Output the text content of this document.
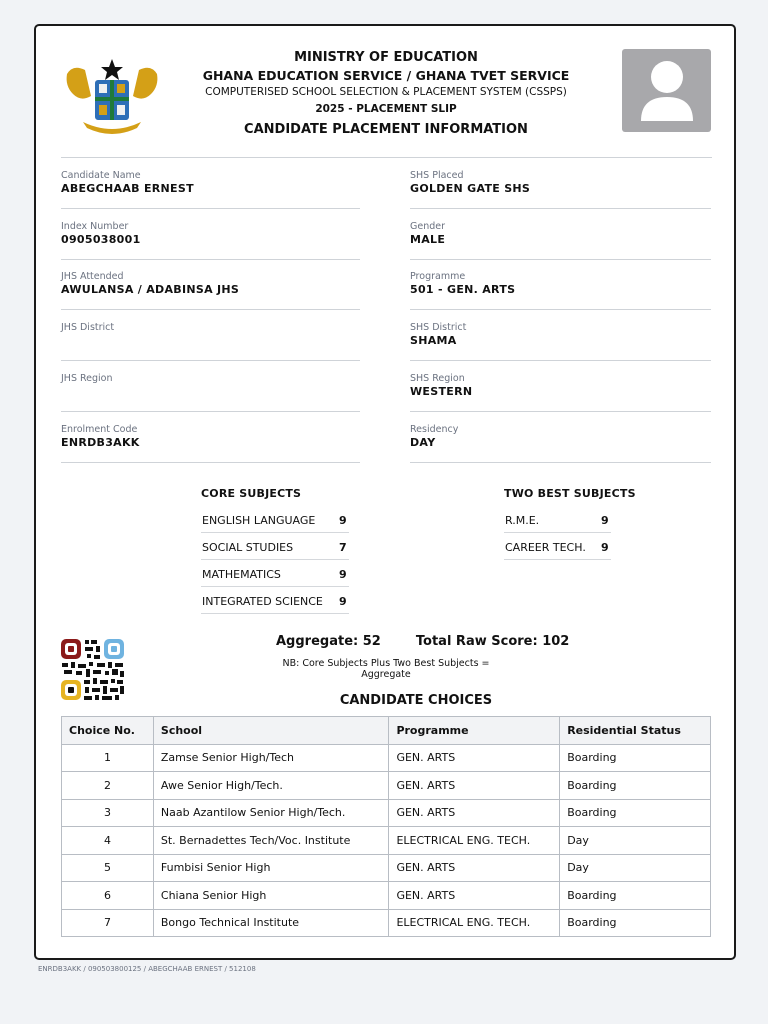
MINISTRY OF EDUCATION
GHANA EDUCATION SERVICE / GHANA TVET SERVICE
COMPUTERISED SCHOOL SELECTION & PLACEMENT SYSTEM (CSSPS)
2025 - PLACEMENT SLIP
CANDIDATE PLACEMENT INFORMATION
Candidate Name
ABEGCHAAB ERNEST
Index Number
0905038001
JHS Attended
AWULANSA / ADABINSA JHS
JHS District
JHS Region
Enrolment Code
ENRDB3AKK
SHS Placed
GOLDEN GATE SHS
Gender
MALE
Programme
501 - GEN. ARTS
SHS District
SHAMA
SHS Region
WESTERN
Residency
DAY
CORE SUBJECTS
ENGLISH LANGUAGE 9
SOCIAL STUDIES	7
MATHEMATICS	9
INTEGRATED SCIENCE 9
TWO BEST SUBJECTS
R.M.E.	9
CAREER TECH. 9
Aggregate: 52	Total Raw Score: 102
NB: Core Subjects Plus Two Best Subjects = Aggregate
CANDIDATE CHOICES
Choice No.	School	Programme	Residential Status
1	Zamse Senior High/Tech	GEN. ARTS	Boarding
2	Awe Senior High/Tech.	GEN. ARTS	Boarding
3	Naab Azantilow Senior High/Tech.	GEN. ARTS	Boarding
4	St. Bernadettes Tech/Voc. Institute	ELECTRICAL ENG. TECH.	Day
5	Fumbisi Senior High	GEN. ARTS	Day
6	Chiana Senior High	GEN. ARTS	Boarding
7	Bongo Technical Institute	ELECTRICAL ENG. TECH.	Boarding
ENRDB3AKK / 090503800125 / ABEGCHAAB ERNEST / 512108
